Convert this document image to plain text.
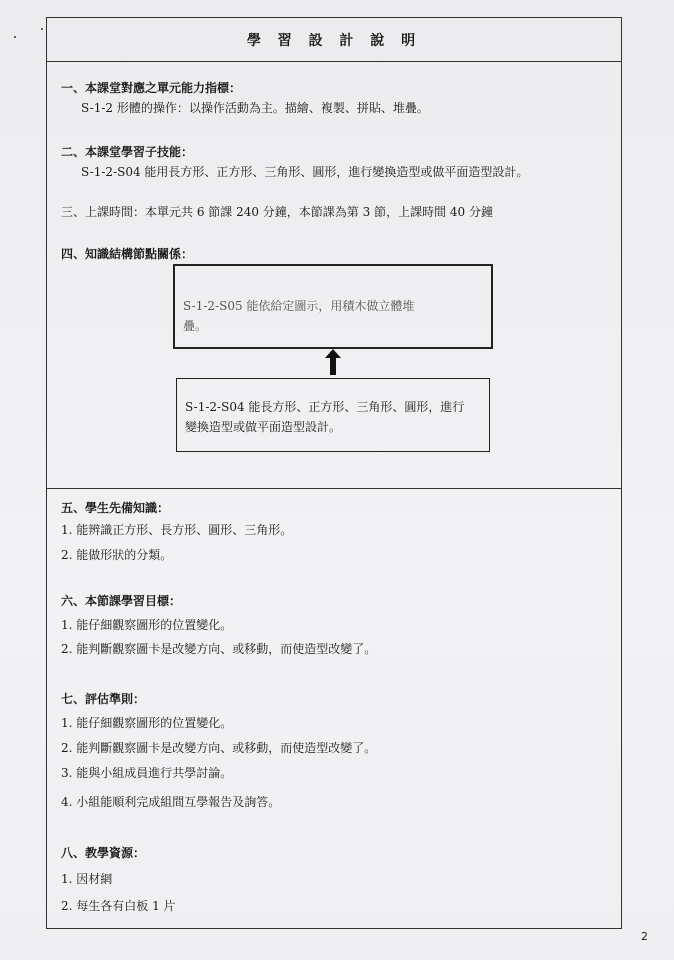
學 習 設 計 說 明
一、本課堂對應之單元能力指標：
S-1-2 形體的操作：以操作活動為主。描繪、複製、拼貼、堆疊。
二、本課堂學習子技能：
S-1-2-S04 能用長方形、正方形、三角形、圓形，進行變換造型或做平面造型設計。
三、上課時間：本單元共 6 節課 240 分鐘，本節課為第 3 節，上課時間 40 分鐘
四、知識結構節點關係：
S-1-2-S05 能依給定圖示，用積木做立體堆
疊。
S-1-2-S04 能長方形、正方形、三角形、圓形，進行
變換造型或做平面造型設計。
五、學生先備知識：
1. 能辨識正方形、長方形、圓形、三角形。
2. 能做形狀的分類。
六、本節課學習目標：
1. 能仔細觀察圖形的位置變化。
2. 能判斷觀察圖卡是改變方向、或移動，而使造型改變了。
七、評估準則：
1. 能仔細觀察圖形的位置變化。
2. 能判斷觀察圖卡是改變方向、或移動，而使造型改變了。
3. 能與小組成員進行共學討論。
4. 小組能順利完成組間互學報告及詢答。
八、教學資源：
1. 因材網
2. 每生各有白板 1 片
2
